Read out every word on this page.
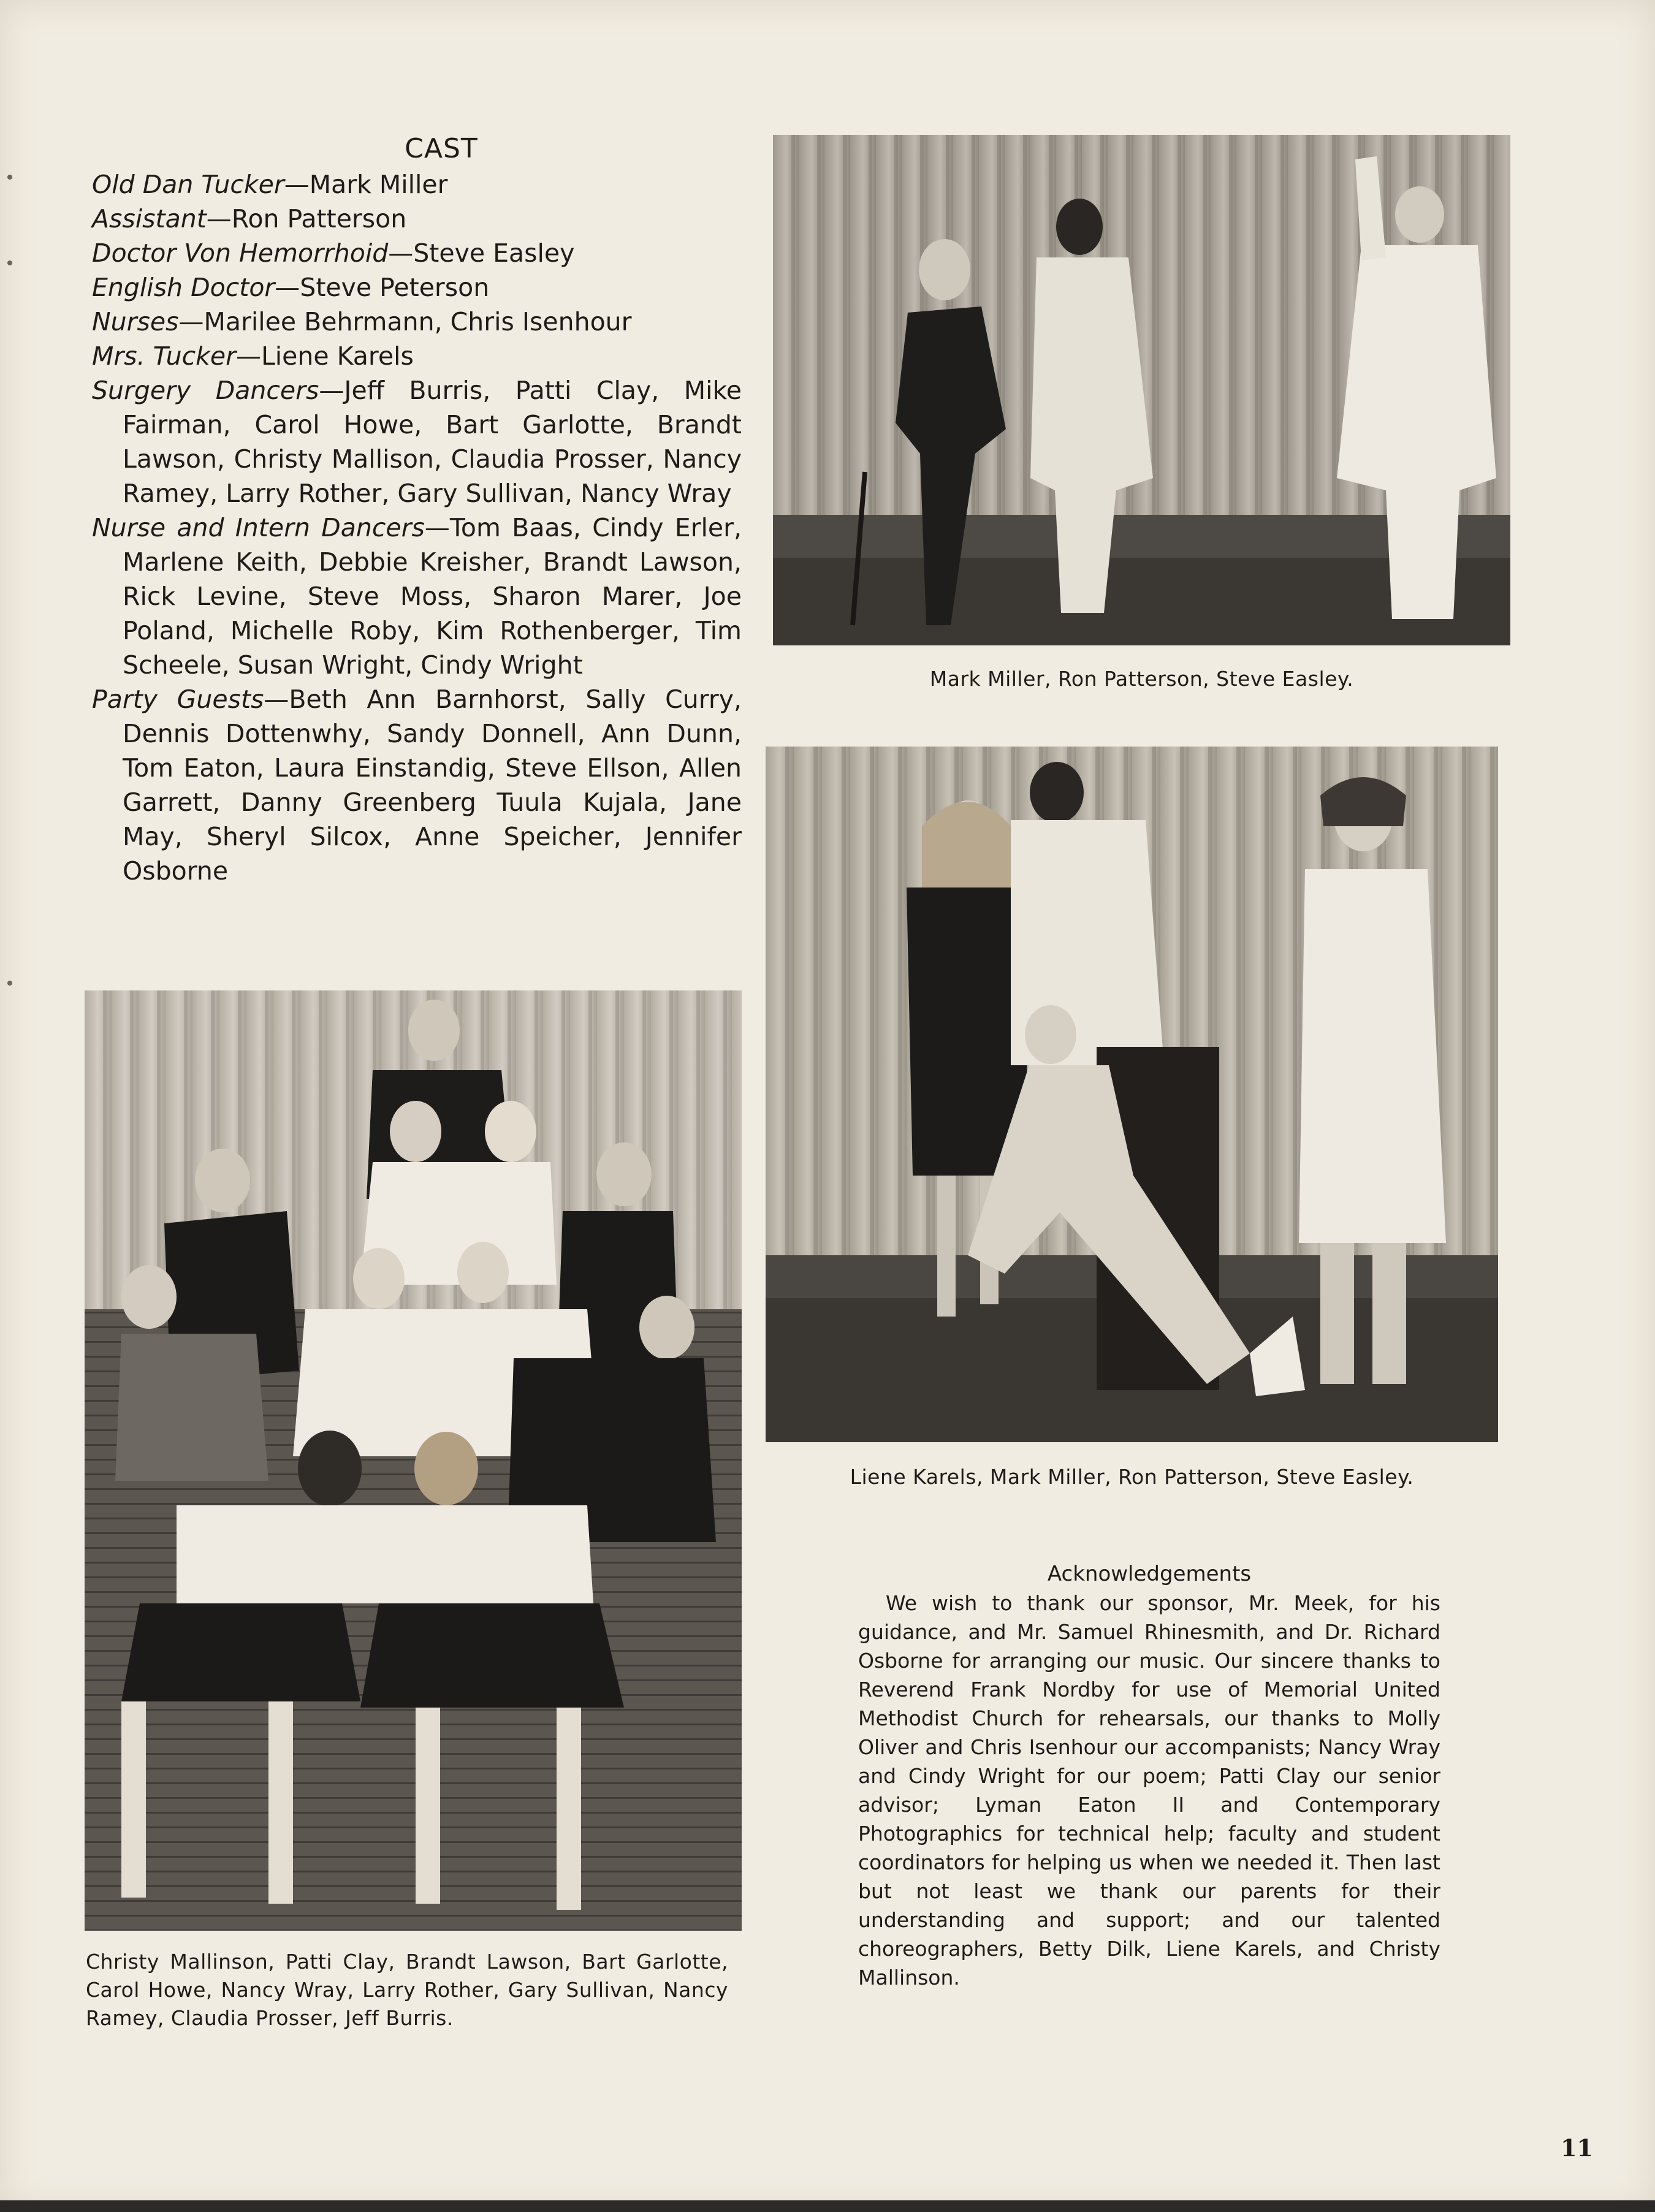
CAST
Old Dan Tucker—Mark Miller
Assistant—Ron Patterson
Doctor Von Hemorrhoid—Steve Easley
English Doctor—Steve Peterson
Nurses—Marilee Behrmann, Chris Isenhour
Mrs. Tucker—Liene Karels
Surgery Dancers—Jeff Burris, Patti Clay, Mike Fairman, Carol Howe, Bart Garlotte, Brandt Lawson, Christy Mallison, Claudia Prosser, Nancy Ramey, Larry Rother, Gary Sullivan, Nancy Wray
Nurse and Intern Dancers—Tom Baas, Cindy Erler, Marlene Keith, Debbie Kreisher, Brandt Lawson, Rick Levine, Steve Moss, Sharon Marer, Joe Poland, Michelle Roby, Kim Rothenberger, Tim Scheele, Susan Wright, Cindy Wright
Party Guests—Beth Ann Barnhorst, Sally Curry, Dennis Dottenwhy, Sandy Donnell, Ann Dunn, Tom Eaton, Laura Einstandig, Steve Ellson, Allen Garrett, Danny Greenberg Tuula Kujala, Jane May, Sheryl Silcox, Anne Speicher, Jennifer Osborne
Mark Miller, Ron Patterson, Steve Easley.
Liene Karels, Mark Miller, Ron Patterson, Steve Easley.
Christy Mallinson, Patti Clay, Brandt Lawson, Bart Garlotte, Carol Howe, Nancy Wray, Larry Rother, Gary Sullivan, Nancy Ramey, Claudia Prosser, Jeff Burris.
Acknowledgements
We wish to thank our sponsor, Mr. Meek, for his guidance, and Mr. Samuel Rhinesmith, and Dr. Richard Osborne for arranging our music. Our sincere thanks to Reverend Frank Nordby for use of Memorial United Methodist Church for rehearsals, our thanks to Molly Oliver and Chris Isenhour our accompanists; Nancy Wray and Cindy Wright for our poem; Patti Clay our senior advisor; Lyman Eaton II and Contemporary Photographics for technical help; faculty and student coordinators for helping us when we needed it. Then last but not least we thank our parents for their understanding and support; and our talented choreographers, Betty Dilk, Liene Karels, and Christy Mallinson.
11
